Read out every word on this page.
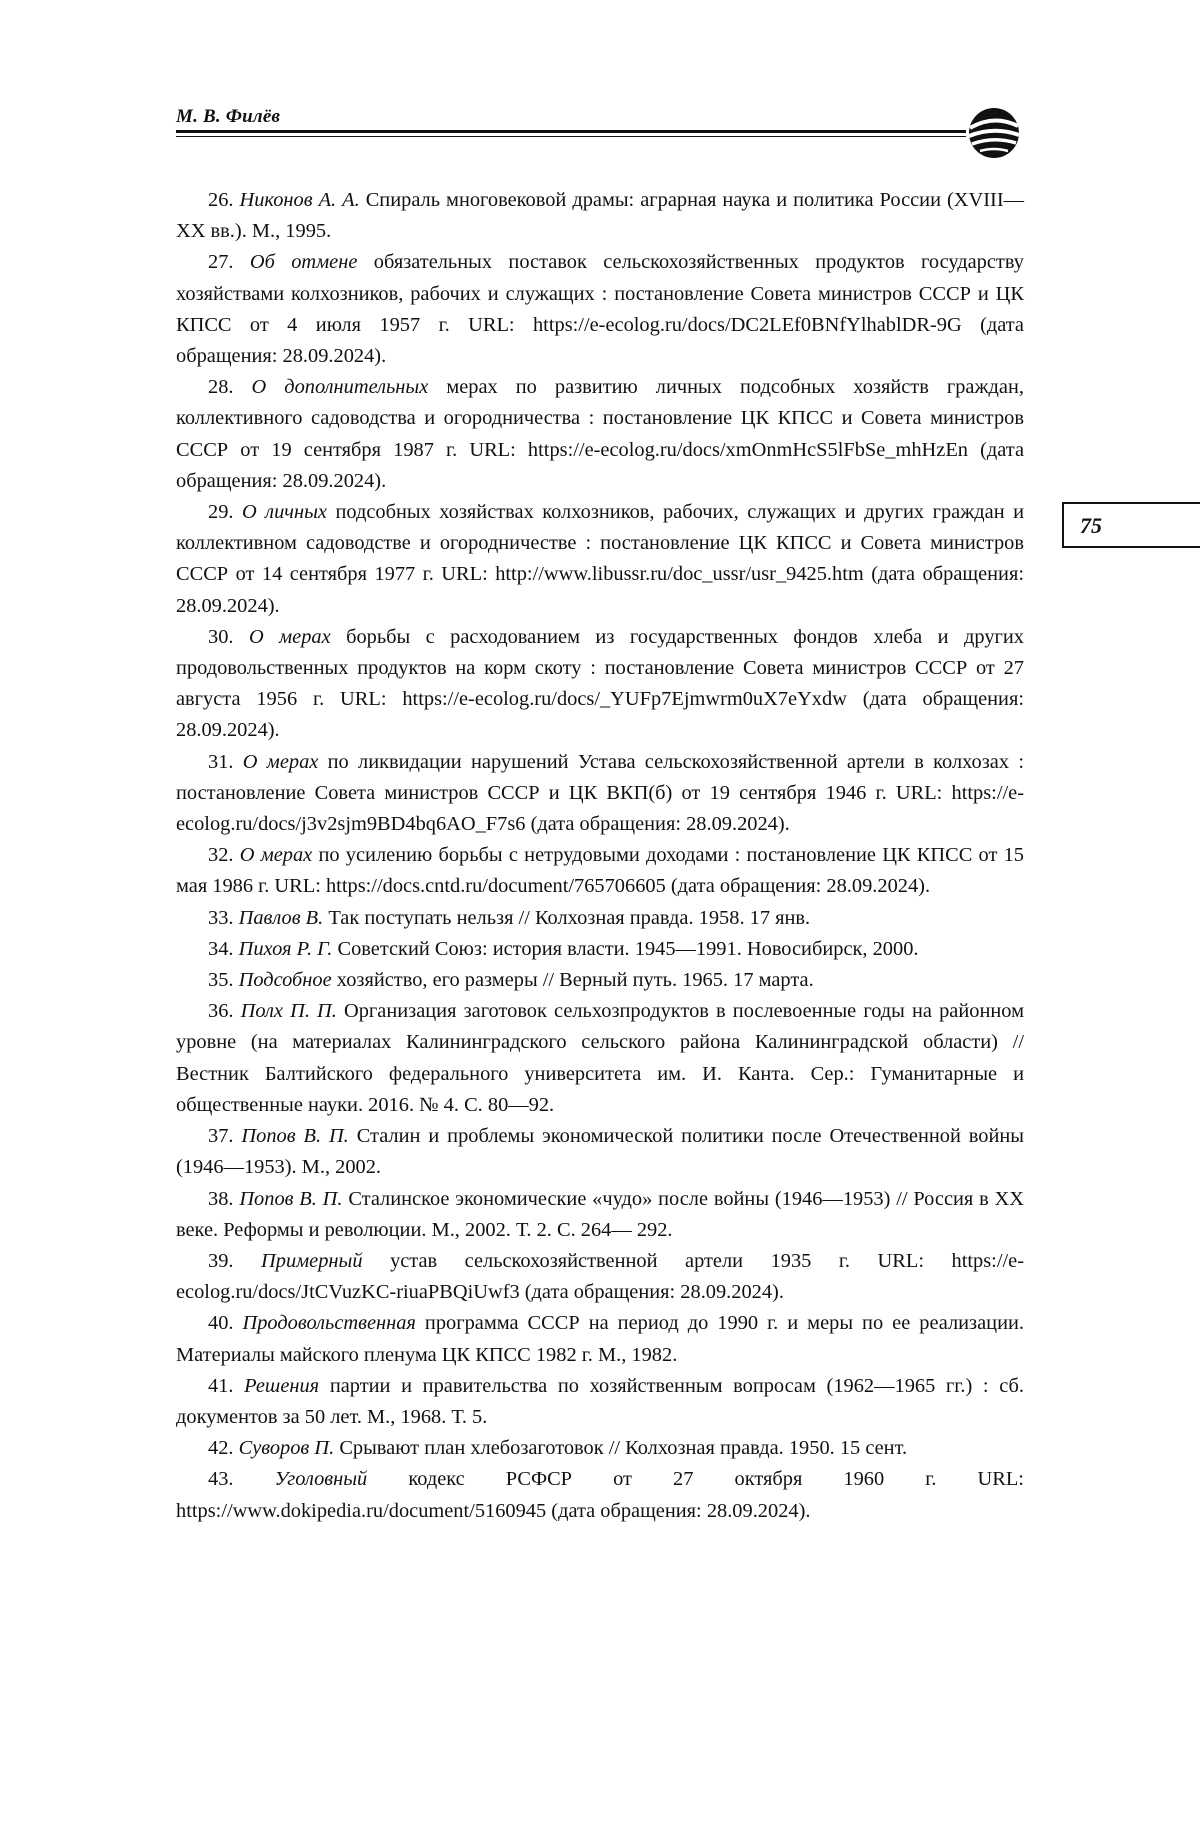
М. В. Филёв
75

26. Никонов А. А. Спираль многовековой драмы: аграрная наука и политика России (XVIII—XX вв.). М., 1995.

27. Об отмене обязательных поставок сельскохозяйственных продуктов государству хозяйствами колхозников, рабочих и служащих : постановление Совета министров СССР и ЦК КПСС от 4 июля 1957 г. URL: https://e-ecolog.ru/docs/DC2LEf0BNfYlhablDR-9G (дата обращения: 28.09.2024).

28. О дополнительных мерах по развитию личных подсобных хозяйств граждан, коллективного садоводства и огородничества : постановление ЦК КПСС и Совета министров СССР от 19 сентября 1987 г. URL: https://e-ecolog.ru/docs/xmOnmHcS5lFbSe_mhHzEn (дата обращения: 28.09.2024).

29. О личных подсобных хозяйствах колхозников, рабочих, служащих и других граждан и коллективном садоводстве и огородничестве : постановление ЦК КПСС и Совета министров СССР от 14 сентября 1977 г. URL: http://www.libussr.ru/doc_ussr/usr_9425.htm (дата обращения: 28.09.2024).

30. О мерах борьбы с расходованием из государственных фондов хлеба и других продовольственных продуктов на корм скоту : постановление Совета министров СССР от 27 августа 1956 г. URL: https://e-ecolog.ru/docs/_YUFp7Ejmwrm0uX7eYxdw (дата обращения: 28.09.2024).

31. О мерах по ликвидации нарушений Устава сельскохозяйственной артели в колхозах : постановление Совета министров СССР и ЦК ВКП(б) от 19 сентября 1946 г. URL: https://e-ecolog.ru/docs/j3v2sjm9BD4bq6AO_F7s6 (дата обращения: 28.09.2024).

32. О мерах по усилению борьбы с нетрудовыми доходами : постановление ЦК КПСС от 15 мая 1986 г. URL: https://docs.cntd.ru/document/765706605 (дата обращения: 28.09.2024).

33. Павлов В. Так поступать нельзя // Колхозная правда. 1958. 17 янв.

34. Пихоя Р. Г. Советский Союз: история власти. 1945—1991. Новосибирск, 2000.

35. Подсобное хозяйство, его размеры // Верный путь. 1965. 17 марта.

36. Полх П. П. Организация заготовок сельхозпродуктов в послевоенные годы на районном уровне (на материалах Калининградского сельского района Калининградской области) // Вестник Балтийского федерального университета им. И. Канта. Сер.: Гуманитарные и общественные науки. 2016. № 4. С. 80—92.

37. Попов В. П. Сталин и проблемы экономической политики после Отечественной войны (1946—1953). М., 2002.

38. Попов В. П. Сталинское экономические «чудо» после войны (1946—1953) // Россия в XX веке. Реформы и революции. М., 2002. Т. 2. С. 264— 292.

39. Примерный устав сельскохозяйственной артели 1935 г. URL: https://e-ecolog.ru/docs/JtCVuzKC-riuaPBQiUwf3 (дата обращения: 28.09.2024).

40. Продовольственная программа СССР на период до 1990 г. и меры по ее реализации. Материалы майского пленума ЦК КПСС 1982 г. М., 1982.

41. Решения партии и правительства по хозяйственным вопросам (1962—1965 гг.) : сб. документов за 50 лет. М., 1968. Т. 5.

42. Суворов П. Срывают план хлебозаготовок // Колхозная правда. 1950. 15 сент.

43. Уголовный кодекс РСФСР от 27 октября 1960 г. URL: https://www.dokipedia.ru/document/5160945 (дата обращения: 28.09.2024).
